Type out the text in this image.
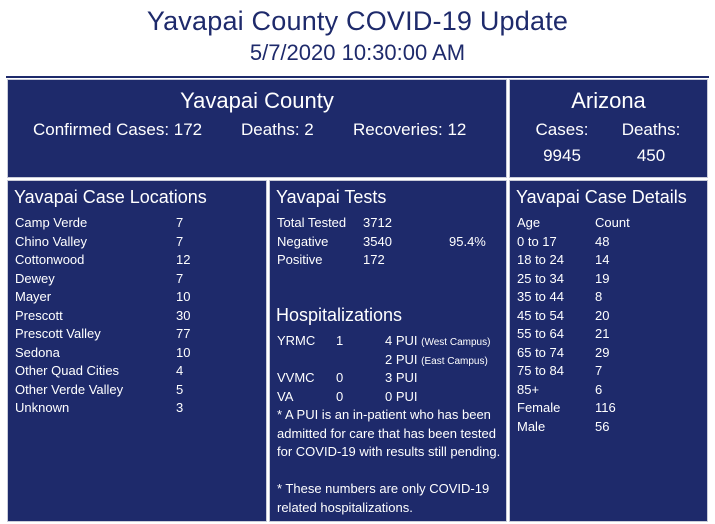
Yavapai County COVID-19 Update
5/7/2020 10:30:00 AM
Yavapai County
Confirmed Cases: 172 Deaths: 2 Recoveries: 12
Arizona
Cases:	Deaths:
9945	450
Yavapai Case Locations
Camp Verde	7
Chino Valley	7
Cottonwood	12
Dewey	7
Mayer	10
Prescott	30
Prescott Valley	77
Sedona	10
Other Quad Cities	4
Other Verde Valley	5
Unknown	3
Yavapai Tests
Total Tested 3712
Negative	3540	95.4%
Positive	172
Hospitalizations
YRMC 1	4 PUI (West Campus)
2 PUI (East Campus)
VVMC 0	3 PUI
VA	0	0 PUI
* A PUI is an in-patient who has been admitted for care that has been tested for COVID-19 with results still pending.
* These numbers are only COVID-19 related hospitalizations.
Yavapai Case Details
Age	Count
0 to 17	48
18 to 24 14
25 to 34 19
35 to 44 8
45 to 54 20
55 to 64 21
65 to 74 29
75 to 84 7
85+	6
Female	116
Male	56
